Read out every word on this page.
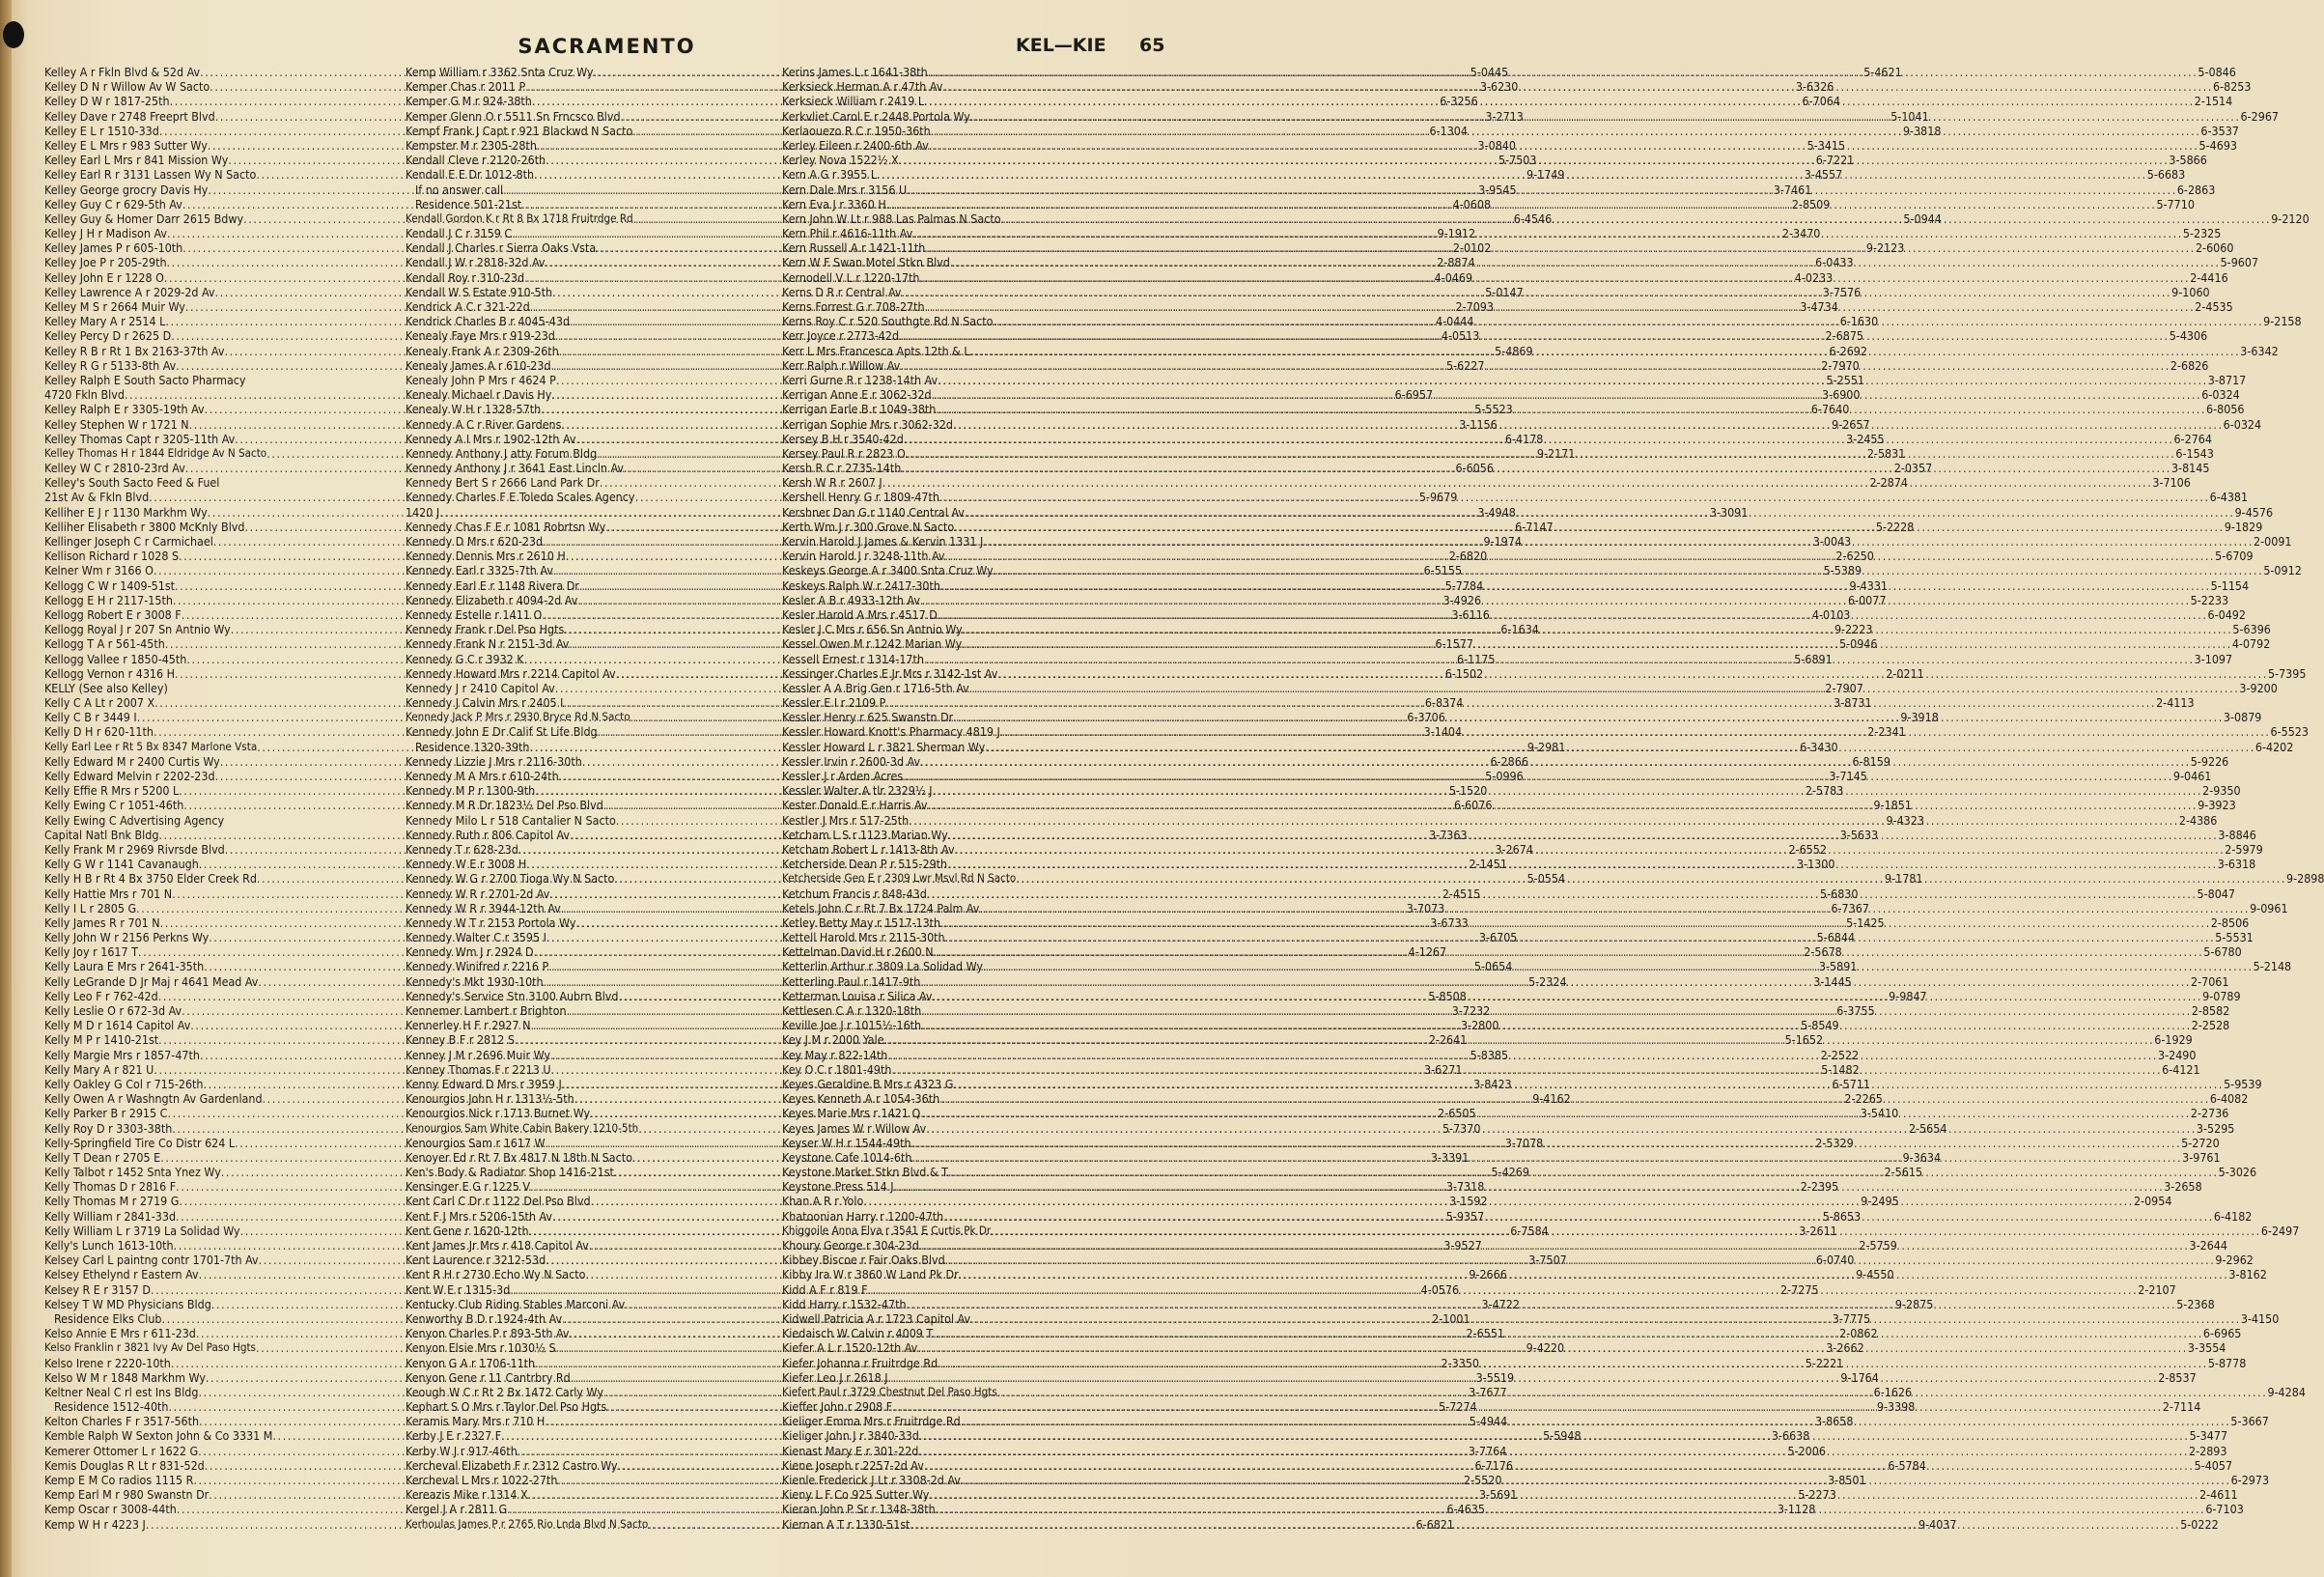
SACRAMENTO	KEL—KIE 65
Kelley A r Fkln Blvd & 52d Av .....	5-0445
Kelley D N r Willow Av W Sacto .....	3-6230
Kelley D W r 1817-25th .....	6-3256
Kelley Dave r 2748 Freeprt Blvd .....	3-2713
Kelley E L r 1510-33d .....	6-1304
Kelley E L Mrs r 983 Sutter Wy .....	3-0840
Kelley Earl L Mrs r 841 Mission Wy .....	5-7503
Kelley Earl R r 3131 Lassen Wy N Sacto .....	9-1749
Kelley George grocry Davis Hy .....	3-9545
Kelley Guy C r 629-5th Av .....	4-0608
Kelley Guy & Homer Darr 2615 Bdwy .....	6-4546
Kelley J H r Madison Av .....	9-1912
Kelley James P r 605-10th .....	2-0102
Kelley Joe P r 205-29th .....	2-8874
Kelley John E r 1228 O .....	4-0469
Kelley Lawrence A r 2029-2d Av .....	5-0147
Kelley M S r 2664 Muir Wy .....	2-7093
Kelley Mary A r 2514 L .....	4-0444
Kelley Percy D r 2625 D .....	4-0513
Kelley R B r Rt 1 Bx 2163-37th Av .....	5-4869
Kelley R G r 5133-8th Av .....	5-6227
Kelley Ralph E South Sacto Pharmacy
4720 Fkln Blvd .....	6-6957
Kelley Ralph E r 3305-19th Av .....	5-5523
Kelley Stephen W r 1721 N .....	3-1156
Kelley Thomas Capt r 3205-11th Av .....	6-4178
Kelley Thomas H r 1844 Eldridge Av N Sacto .....	9-2171
Kelley W C r 2810-23rd Av .....	6-6056
Kelley's South Sacto Feed & Fuel
21st Av & Fkln Blvd .....	5-9679
Kelliher E J r 1130 Markhm Wy .....	3-4948
Kelliher Elisabeth r 3800 McKnly Blvd .....	6-7147
Kellinger Joseph C r Carmichael .....	9-1974
Kellison Richard r 1028 S .....	2-6820
Kelner Wm r 3166 O .....	6-5155
Kellogg C W r 1409-51st .....	5-7784
Kellogg E H r 2117-15th .....	3-4926
Kellogg Robert E r 3008 F .....	3-6116
Kellogg Royal J r 207 Sn Antnio Wy .....	6-1634
Kellogg T A r 561-45th .....	6-1577
Kellogg Vallee r 1850-45th .....	6-1175
Kellogg Vernon r 4316 H .....	6-1502
KELLY (See also Kelley)
Kelly C A Lt r 2007 X .....	6-8374
Kelly C B r 3449 I .....	6-3706
Kelly D H r 620-11th .....	3-1404
Kelly Earl Lee r Rt 5 Bx 8347 Marlone Vsta .....	9-2981
Kelly Edward M r 2400 Curtis Wy .....	6-2866
Kelly Edward Melvin r 2202-23d .....	5-0996
Kelly Effie R Mrs r 5200 L .....	5-1520
Kelly Ewing C r 1051-46th .....	6-6076
Kelly Ewing C Advertising Agency
Capital Natl Bnk Bldg .....	3-7363
Kelly Frank M r 2969 Rivrsde Blvd .....	3-2674
Kelly G W r 1141 Cavanaugh .....	2-1451
Kelly H B r Rt 4 Bx 3750 Elder Creek Rd .....	5-0554
Kelly Hattie Mrs r 701 N .....	2-4515
Kelly I L r 2805 G .....	3-7073
Kelly James R r 701 N .....	3-6733
Kelly John W r 2156 Perkns Wy .....	3-6705
Kelly Joy r 1617 T .....	4-1267
Kelly Laura E Mrs r 2641-35th .....	5-0654
Kelly LeGrande D Jr Maj r 4641 Mead Av .....	5-2324
Kelly Leo F r 762-42d .....	5-8508
Kelly Leslie O r 672-3d Av .....	3-7232
Kelly M D r 1614 Capitol Av .....	3-2800
Kelly M P r 1410-21st .....	2-2641
Kelly Margie Mrs r 1857-47th .....	5-8385
Kelly Mary A r 821 U .....	3-6271
Kelly Oakley G Col r 715-26th .....	3-8423
Kelly Owen A r Washngtn Av Gardenland .....	9-4162
Kelly Parker B r 2915 C .....	2-6505
Kelly Roy D r 3303-38th .....	5-7370
Kelly-Springfield Tire Co Distr 624 L .....	3-7078
Kelly T Dean r 2705 E .....	3-3391
Kelly Talbot r 1452 Snta Ynez Wy .....	5-4269
Kelly Thomas D r 2816 F .....	3-7318
Kelly Thomas M r 2719 G .....	3-1592
Kelly William r 2841-33d .....	5-9357
Kelly William L r 3719 La Solidad Wy .....	6-7584
Kelly's Lunch 1613-10th .....	3-9527
Kelsey Carl L paintng contr 1701-7th Av .....	3-7507
Kelsey Ethelynd r Eastern Av .....	9-2666
Kelsey R E r 3157 D .....	4-0576
Kelsey T W MD Physicians Bldg .....	3-4722
Residence Elks Club .....	2-1001
Kelso Annie E Mrs r 611-23d .....	2-6551
Kelso Franklin r 3821 Ivy Av Del Paso Hgts .....	9-4220
Kelso Irene r 2220-10th .....	2-3350
Kelso W M r 1848 Markhm Wy .....	3-5519
Keltner Neal C rl est Ins Bldg .....	3-7677
Residence 1512-40th .....	5-7274
Kelton Charles F r 3517-56th .....	5-4944
Kemble Ralph W Sexton John & Co 3331 M .....	5-5948
Kemerer Ottomer L r 1622 G .....	3-7764
Kemis Douglas R Lt r 831-52d .....	6-7176
Kemp E M Co radios 1115 R .....	2-5520
Kemp Earl M r 980 Swanstn Dr .....	3-5691
Kemp Oscar r 3008-44th .....	6-4635
Kemp W H r 4223 J .....	6-6821
Kemp William r 3362 Snta Cruz Wy .....	5-4621
Kemper Chas r 2011 P .....	3-6326
Kemper G M r 924-38th .....	6-7064
Kemper Glenn O r 5511 Sn Frncsco Blvd .....	5-1041
Kempf Frank J Capt r 921 Blackwd N Sacto .....	9-3818
Kempster M r 2305-28th .....	5-3415
Kendall Cleve r 2120-26th .....	6-7221
Kendall E E Dr 1012-8th .....	3-4557
If no answer call .....	3-7461
Residence 501-21st .....	2-8509
Kendall Gordon K r Rt 8 Bx 1718 Fruitrdge Rd .....	5-0944
Kendall J C r 3159 C .....	2-3470
Kendall J Charles r Sierra Oaks Vsta .....	9-2123
Kendall J W r 2818-32d Av .....	6-0433
Kendall Roy r 310-23d .....	4-0233
Kendall W S Estate 910-5th .....	3-7576
Kendrick A C r 321-22d .....	3-4734
Kendrick Charles B r 4045-43d .....	6-1630
Kenealy Faye Mrs r 919-23d .....	2-6875
Kenealy Frank A r 2309-26th .....	6-2692
Kenealy James A r 610-23d .....	2-7970
Kenealy John P Mrs r 4624 P .....	5-2551
Kenealy Michael r Davis Hy .....	3-6900
Kenealy W H r 1328-57th .....	6-7640
Kennedy A C r River Gardens .....	9-2657
Kennedy A I Mrs r 1902-12th Av .....	3-2455
Kennedy Anthony J atty Forum Bldg .....	2-5831
Kennedy Anthony J r 3641 East Lincln Av .....	2-0357
Kennedy Bert S r 2666 Land Park Dr .....	2-2874
Kennedy Charles F E Toledo Scales Agency
1420 J .....	3-3091
Kennedy Chas F E r 1081 Robrtsn Wy .....	5-2228
Kennedy D Mrs r 620-23d .....	3-0043
Kennedy Dennis Mrs r 2610 H .....	2-6250
Kennedy Earl r 3325-7th Av .....	5-5389
Kennedy Earl E r 1148 Rivera Dr .....	9-4331
Kennedy Elizabeth r 4094-2d Av .....	6-0077
Kennedy Estelle r 1411 O .....	4-0103
Kennedy Frank r Del Pso Hgts .....	9-2223
Kennedy Frank N r 2151-3d Av .....	5-0946
Kennedy G C r 3932 K .....	5-6891
Kennedy Howard Mrs r 2214 Capitol Av .....	2-0211
Kennedy J r 2410 Capitol Av .....	2-7907
Kennedy J Calvin Mrs r 2405 I .....	3-8731
Kennedy Jack P Mrs r 2930 Bryce Rd N Sacto .....	9-3918
Kennedy John E Dr Calif St Life Bldg .....	2-2341
Residence 1320-39th .....	6-3430
Kennedy Lizzie J Mrs r 2116-30th .....	6-8159
Kennedy M A Mrs r 610-24th .....	3-7145
Kennedy M P r 1300-9th .....	2-5783
Kennedy M R Dr 1823½ Del Pso Blvd .....	9-1851
Kennedy Milo L r 518 Cantalier N Sacto .....	9-4323
Kennedy Ruth r 806 Capitol Av .....	3-5633
Kennedy T r 628-23d .....	2-6552
Kennedy W E r 3008 H .....	3-1300
Kennedy W G r 2700 Tioga Wy N Sacto .....	9-1781
Kennedy W R r 2701-2d Av .....	5-6830
Kennedy W R r 3944-12th Av .....	6-7367
Kennedy W T r 2153 Portola Wy .....	5-1425
Kennedy Walter C r 3595 I .....	5-6844
Kennedy Wm J r 2924 D .....	2-5678
Kennedy Winifred r 2216 P .....	3-5891
Kennedy's Mkt 1930-10th .....	3-1445
Kennedy's Service Stn 3100 Aubrn Blvd .....	9-9847
Kennemer Lambert r Brighton .....	6-3755
Kennerley H F r 2927 N .....	5-8549
Kenney B F r 2812 S .....	5-1652
Kenney J M r 2696 Muir Wy .....	2-2522
Kenney Thomas F r 2213 U .....	5-1482
Kenny Edward D Mrs r 3959 J .....	6-5711
Kenourgios John H r 1313½-5th .....	2-2265
Kenourgios Nick r 1713 Burnet Wy .....	3-5410
Kenourgios Sam White Cabin Bakery 1210-5th .....	2-5654
Kenourgios Sam r 1617 W .....	2-5329
Kenoyer Ed r Rt 7 Bx 4817 N 18th N Sacto .....	9-3634
Ken's Body & Radiator Shop 1416-21st .....	2-5615
Kensinger E G r 1225 V .....	2-2395
Kent Carl C Dr r 1122 Del Pso Blvd .....	9-2495
Kent F J Mrs r 5206-15th Av .....	5-8653
Kent Gene r 1620-12th .....	3-2611
Kent James Jr Mrs r 418 Capitol Av .....	2-5759
Kent Laurence r 3212-53d .....	6-0740
Kent R H r 2730 Echo Wy N Sacto .....	9-4550
Kent W E r 1315-3d .....	2-7275
Kentucky Club Riding Stables Marconi Av .....	9-2875
Kenworthy B D r 1924-4th Av .....	3-7775
Kenyon Charles P r 893-5th Av .....	2-0862
Kenyon Elsie Mrs r 1030½ S .....	3-2662
Kenyon G A r 1706-11th .....	5-2221
Kenyon Gene r 11 Cantrbry Rd .....	9-1764
Keough W C r Rt 2 Bx 1472 Carly Wy .....	6-1626
Kephart S O Mrs r Taylor Del Pso Hgts .....	9-3398
Keramis Mary Mrs r 710 H .....	3-8658
Kerby J E r 2327 F .....	3-6638
Kerby W J r 917-46th .....	5-2006
Kercheval Elizabeth F r 2312 Castro Wy .....	6-5784
Kercheval L Mrs r 1022-27th .....	3-8501
Kereazis Mike r 1314 X .....	5-2273
Kergel J A r 2811 G .....	3-1128
Kerhoulas James P r 2765 Rio Lnda Blvd N Sacto .....	9-4037
Kerins James L r 1641-38th .....	5-0846
Kerksieck Herman A r 47th Av .....	6-8253
Kerksieck William r 2419 L .....	2-1514
Kerkvliet Carol E r 2448 Portola Wy .....	6-2967
Kerlaouezo R C r 1950-36th .....	6-3537
Kerley Eileen r 2400-6th Av .....	5-4693
Kerley Nova 1522½ X .....	3-5866
Kern A G r 3955 L .....	5-6683
Kern Dale Mrs r 3156 U .....	6-2863
Kern Eva J r 3360 H .....	5-7710
Kern John W Lt r 988 Las Palmas N Sacto .....	9-2120
Kern Phil r 4616-11th Av .....	5-2325
Kern Russell A r 1421-11th .....	2-6060
Kern W F Swan Motel Stkn Blvd .....	5-9607
Kernodell V L r 1220-17th .....	2-4416
Kerns D R r Central Av .....	9-1060
Kerns Forrest G r 708-27th .....	2-4535
Kerns Roy C r 520 Southgte Rd N Sacto .....	9-2158
Kerr Joyce r 2773-42d .....	5-4306
Kerr L Mrs Francesca Apts 12th & L .....	3-6342
Kerr Ralph r Willow Av .....	2-6826
Kerri Gurne R r 1238-14th Av .....	3-8717
Kerrigan Anne E r 3062-32d .....	6-0324
Kerrigan Earle B r 1049-38th .....	6-8056
Kerrigan Sophie Mrs r 3062-32d .....	6-0324
Kersey B H r 3540-42d .....	6-2764
Kersey Paul R r 2823 O .....	6-1543
Kersh R C r 2735-14th .....	3-8145
Kersh W R r 2607 J .....	3-7106
Kershell Henry G r 1809-47th .....	6-4381
Kershner Dan G r 1140 Central Av .....	9-4576
Kerth Wm J r 300 Grove N Sacto .....	9-1829
Kervin Harold J James & Kervin 1331 J .....	2-0091
Kervin Harold J r 3248-11th Av .....	5-6709
Keskeys George A r 3400 Snta Cruz Wy .....	5-0912
Keskeys Ralph W r 2417-30th .....	5-1154
Kesler A B r 4933-12th Av .....	5-2233
Kesler Harold A Mrs r 4517 D .....	6-0492
Kesler J C Mrs r 656 Sn Antnio Wy .....	5-6396
Kessel Owen M r 1242 Marian Wy .....	4-0792
Kessell Ernest r 1314-17th .....	3-1097
Kessinger Charles E Jr Mrs r 3142-1st Av .....	5-7395
Kessler A A Brig Gen r 1716-5th Av .....	3-9200
Kessler E I r 2109 P .....	2-4113
Kessler Henry r 625 Swanstn Dr .....	3-0879
Kessler Howard Knott's Pharmacy 4819 J .....	6-5523
Kessler Howard L r 3821 Sherman Wy .....	6-4202
Kessler Irvin r 2600-3d Av .....	5-9226
Kessler J r Arden Acres .....	9-0461
Kessler Walter A tlr 2329½ J .....	2-9350
Kester Donald E r Harris Av .....	9-3923
Kestler J Mrs r 517-25th .....	2-4386
Ketcham L S r 1123 Marian Wy .....	3-8846
Ketcham Robert L r 1413-8th Av .....	2-5979
Ketcherside Dean P r 515-29th .....	3-6318
Ketcherside Geo E r 2309 Lwr Msvl Rd N Sacto .....	9-2898
Ketchum Francis r 848-43d .....	5-8047
Ketels John C r Rt 7 Bx 1724 Palm Av .....	9-0961
Ketley Betty May r 1517-13th .....	2-8506
Kettell Harold Mrs r 2115-30th .....	5-5531
Kettelman David H r 2600 N .....	5-6780
Ketterlin Arthur r 3809 La Solidad Wy .....	5-2148
Ketterling Paul r 1417-9th .....	2-7061
Ketterman Louisa r Silica Av .....	9-0789
Kettlesen C A r 1320-18th .....	2-8582
Keville Joe J r 1015½-16th .....	2-2528
Key J M r 2000 Yale .....	6-1929
Key May r 822-14th .....	3-2490
Key O C r 1801-49th .....	6-4121
Keyes Geraldine B Mrs r 4323 G .....	5-9539
Keyes Kenneth A r 1054-36th .....	6-4082
Keyes Marie Mrs r 1421 Q .....	2-2736
Keyes James W r Willow Av .....	3-5295
Keyser W H r 1544-49th .....	5-2720
Keystone Cafe 1014-6th .....	3-9761
Keystone Market Stkn Blvd & T .....	5-3026
Keystone Press 514 J .....	3-2658
Khan A R r Yolo .....	2-0954
Khatoonian Harry r 1200-47th .....	6-4182
Khiggoile Anna Elva r 3541 E Curtis Pk Dr .....	6-2497
Khoury George r 304-23d .....	3-2644
Kibbey Biscoe r Fair Oaks Blvd .....	9-2962
Kibby Ira W r 3860 W Land Pk Dr .....	3-8162
Kidd A F r 819 F .....	2-2107
Kidd Harry r 1532-47th .....	5-2368
Kidwell Patricia A r 1723 Capitol Av .....	3-4150
Kiedaisch W Calvin r 4009 T .....	6-6965
Kiefer A L r 1520-12th Av .....	3-3554
Kiefer Johanna r Fruitrdge Rd .....	5-8778
Kiefer Leo J r 2618 J .....	2-8537
Kiefert Paul r 3729 Chestnut Del Paso Hgts .....	9-4284
Kieffer John r 2908 F .....	2-7114
Kieliger Emma Mrs r Fruitrdge Rd .....	5-3667
Kieliger John J r 3840-33d .....	5-3477
Kienast Mary E r 301-22d .....	2-2893
Kiene Joseph r 2257-2d Av .....	5-4057
Kienle Frederick J Lt r 3308-2d Av .....	6-2973
Kieny L F Co 925 Sutter Wy .....	2-4611
Kieran John P Sr r 1348-38th .....	6-7103
Kiernan A T r 1330-51st .....	5-0222
